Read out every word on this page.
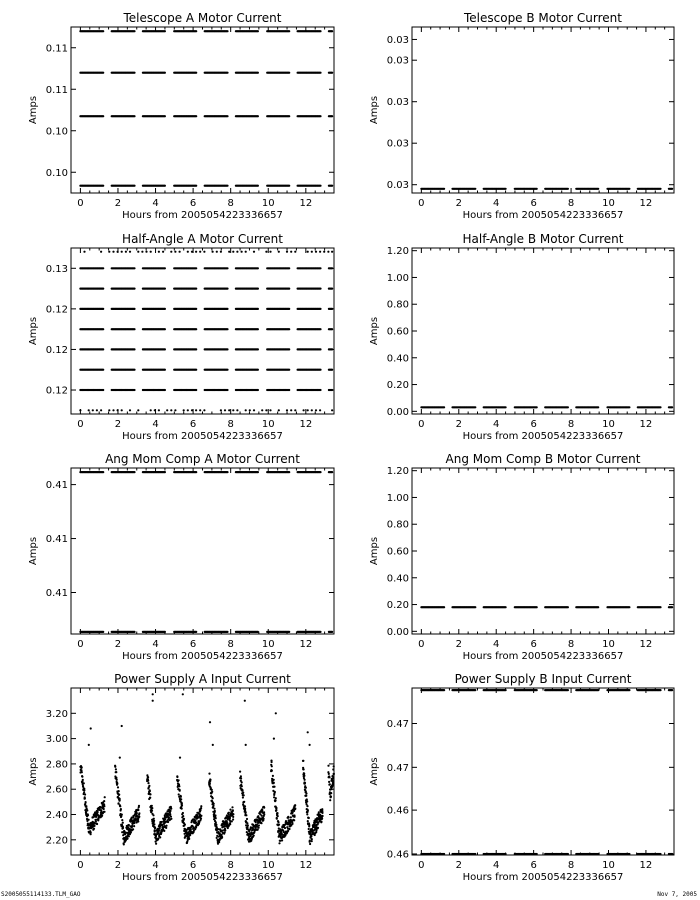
Telescope A Motor Current
0	2	4	6	8	10 12
Hours from 2005054223336657
0.10
0.10
0.11
0.11
Amps
Telescope B Motor Current
0	2	4	6	8	10 12
Hours from 2005054223336657
0.03
0.03
0.03
0.03
0.03
Amps
Half-Angle A Motor Current
0	2	4	6	8	10 12
Hours from 2005054223336657
0.12
0.12
0.12
0.13
Amps
Half-Angle B Motor Current
0	2	4	6	8	10 12
Hours from 2005054223336657
0.00
0.20
0.40
0.60
0.80
1.00
1.20
Amps
Ang Mom Comp A Motor Current
0	2	4	6	8	10 12
Hours from 2005054223336657
0.41
0.41
0.41
Amps
Ang Mom Comp B Motor Current
0	2	4	6	8	10 12
Hours from 2005054223336657
0.00
0.20
0.40
0.60
0.80
1.00
1.20
Amps
Power Supply A Input Current
0	2	4	6	8	10 12
Hours from 2005054223336657
2.20
2.40
2.60
2.80
3.00
3.20
Amps
Power Supply B Input Current
0	2	4	6	8	10 12
Hours from 2005054223336657
0.46
0.46
0.47
0.47
Amps
S2005055114133.TLM_GAO	Nov 7, 2005
